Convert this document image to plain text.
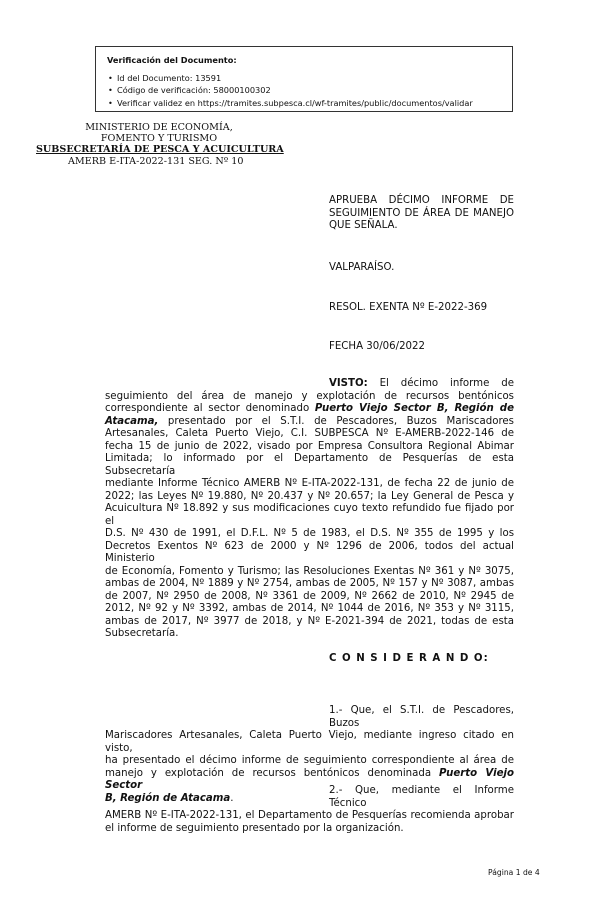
Verificación del Documento:
• Id del Documento: 13591
• Código de verificación: 58000100302
• Verificar validez en https://tramites.subpesca.cl/wf-tramites/public/documentos/validar
MINISTERIO DE ECONOMÍA,
FOMENTO Y TURISMO
SUBSECRETARÍA DE PESCA Y ACUICULTURA
AMERB E-ITA-2022-131 SEG. Nº 10
APRUEBA DÉCIMO INFORME DE
SEGUIMIENTO DE ÁREA DE MANEJO
QUE SEÑALA.
VALPARAÍSO.
RESOL. EXENTA Nº E-2022-369
FECHA 30/06/2022
VISTO: El décimo informe de
seguimiento del área de manejo y explotación de recursos bentónicos
correspondiente al sector denominado Puerto Viejo Sector B, Región de
Atacama, presentado por el S.T.I. de Pescadores, Buzos Mariscadores
Artesanales, Caleta Puerto Viejo, C.I. SUBPESCA Nº E-AMERB-2022-146 de
fecha 15 de junio de 2022, visado por Empresa Consultora Regional Abimar
Limitada; lo informado por el Departamento de Pesquerías de esta Subsecretaría
mediante Informe Técnico AMERB Nº E-ITA-2022-131, de fecha 22 de junio de
2022; las Leyes Nº 19.880, Nº 20.437 y Nº 20.657; la Ley General de Pesca y
Acuicultura Nº 18.892 y sus modificaciones cuyo texto refundido fue fijado por el
D.S. Nº 430 de 1991, el D.F.L. Nº 5 de 1983, el D.S. Nº 355 de 1995 y los
Decretos Exentos Nº 623 de 2000 y Nº 1296 de 2006, todos del actual Ministerio
de Economía, Fomento y Turismo; las Resoluciones Exentas Nº 361 y Nº 3075,
ambas de 2004, Nº 1889 y Nº 2754, ambas de 2005, Nº 157 y Nº 3087, ambas
de 2007, Nº 2950 de 2008, Nº 3361 de 2009, Nº 2662 de 2010, Nº 2945 de
2012, Nº 92 y Nº 3392, ambas de 2014, Nº 1044 de 2016, Nº 353 y Nº 3115,
ambas de 2017, Nº 3977 de 2018, y Nº E-2021-394 de 2021, todas de esta
Subsecretaría.
C O N S I D E R A N D O:
1.- Que, el S.T.I. de Pescadores, Buzos
Mariscadores Artesanales, Caleta Puerto Viejo, mediante ingreso citado en visto,
ha presentado el décimo informe de seguimiento correspondiente al área de
manejo y explotación de recursos bentónicos denominada Puerto Viejo Sector
B, Región de Atacama.
2.- Que, mediante el Informe Técnico
AMERB Nº E-ITA-2022-131, el Departamento de Pesquerías recomienda aprobar
el informe de seguimiento presentado por la organización.
Página 1 de 4
